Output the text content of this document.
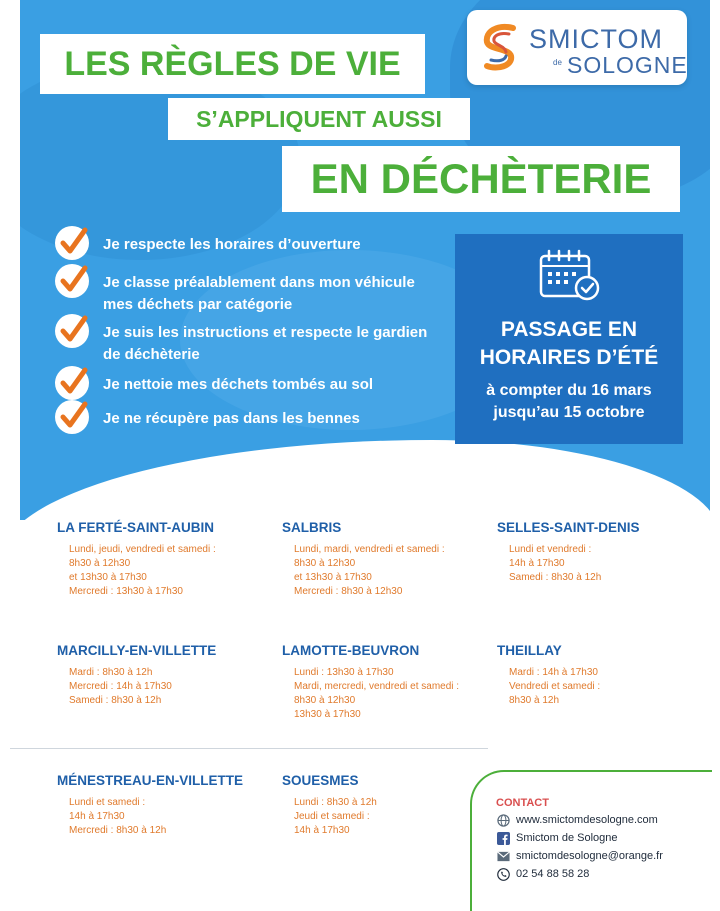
SMICTOM
de SOLOGNE
LES RÈGLES DE VIE
S’APPLIQUENT AUSSI
EN DÉCHÈTERIE
Je respecte les horaires d’ouverture
Je classe préalablement dans mon véhicule mes déchets par catégorie
Je suis les instructions et respecte le gardien de déchèterie
Je nettoie mes déchets tombés au sol
Je ne récupère pas dans les bennes
PASSAGE EN
HORAIRES D’ÉTÉ
à compter du 16 mars
jusqu’au 15 octobre
LA FERTÉ-SAINT-AUBIN
Lundi, jeudi, vendredi et samedi :
8h30 à 12h30
et 13h30 à 17h30
Mercredi : 13h30 à 17h30
SALBRIS
Lundi, mardi, vendredi et samedi :
8h30 à 12h30
et 13h30 à 17h30
Mercredi : 8h30 à 12h30
SELLES-SAINT-DENIS
Lundi et vendredi :
14h à 17h30
Samedi : 8h30 à 12h
MARCILLY-EN-VILLETTE
Mardi : 8h30 à 12h
Mercredi : 14h à 17h30
Samedi : 8h30 à 12h
LAMOTTE-BEUVRON
Lundi : 13h30 à 17h30
Mardi, mercredi, vendredi et samedi :
8h30 à 12h30
13h30 à 17h30
THEILLAY
Mardi : 14h à 17h30
Vendredi et samedi :
8h30 à 12h
MÉNESTREAU-EN-VILLETTE
Lundi et samedi :
14h à 17h30
Mercredi : 8h30 à 12h
SOUESMES
Lundi : 8h30 à 12h
Jeudi et samedi :
14h à 17h30
CONTACT
www.smictomdesologne.com
Smictom de Sologne
smictomdesologne@orange.fr
02 54 88 58 28
